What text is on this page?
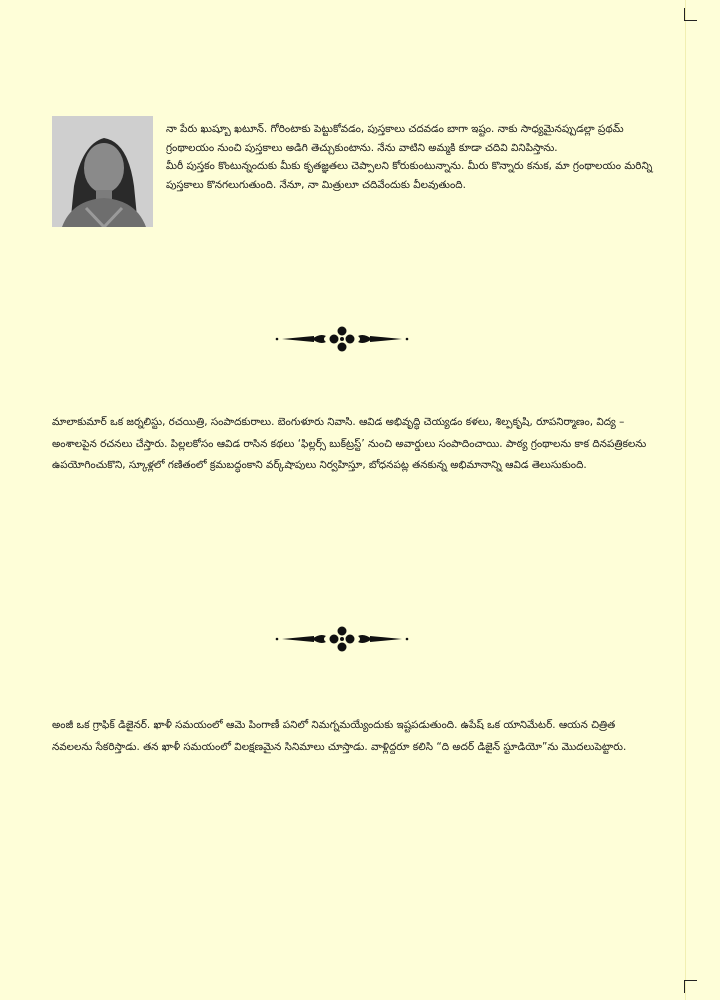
నా పేరు ఖుష్బూ ఖటూన్. గోరింటాకు పెట్టుకోవడం, పుస్తకాలు చదవడం బాగా ఇష్టం. నాకు సాధ్యమైనప్పుడల్లా ప్రథమ్ గ్రంథాలయం నుంచి పుస్తకాలు అడిగి తెచ్చుకుంటాను. నేను వాటిని అమ్మకి కూడా చదివి వినిపిస్తాను.

మీరీ పుస్తకం కొంటున్నందుకు మీకు కృతజ్ఞతలు చెప్పాలని కోరుకుంటున్నాను. మీరు కొన్నారు కనుక, మా గ్రంథాలయం మరిన్ని పుస్తకాలు కొనగలుగుతుంది. నేనూ, నా మిత్రులూ చదివేందుకు వీలవుతుంది.

మాలాకుమార్ ఒక జర్నలిస్టు, రచయిత్రి, సంపాదకురాలు. బెంగుళూరు నివాసి. ఆవిడ అభివృద్ధి చెయ్యడం కళలు, శిల్పకృషి, రూపనిర్మాణం, విద్య – అంశాలపైన రచనలు చేస్తారు. పిల్లలకోసం ఆవిడ రాసిన కథలు ‘ఫిల్లర్స్ బుక్‌ట్రస్ట్’ నుంచి అవార్డులు సంపాదించాయి. పాఠ్య గ్రంథాలను కాక దినపత్రికలను ఉపయోగించుకొని, స్కూళ్లలో గణితంలో క్రమబద్ధంకాని వర్క్‌షాపులు నిర్వహిస్తూ, బోధనపట్ల తనకున్న అభిమానాన్ని ఆవిడ తెలుసుకుంది.
అంజీ ఒక గ్రాఫిక్ డిజైనర్. ఖాళీ సమయంలో ఆమె పింగాణీ పనిలో నిమగ్నమయ్యేందుకు ఇష్టపడుతుంది. ఉపేష్ ఒక యానిమేటర్. ఆయన చిత్రిత నవలలను సేకరిస్తాడు. తన ఖాళీ సమయంలో విలక్షణమైన సినిమాలు చూస్తాడు. వాళ్లిద్దరూ కలిసి “ది అదర్ డిజైన్ స్టూడియో”ను మొదలుపెట్టారు.
